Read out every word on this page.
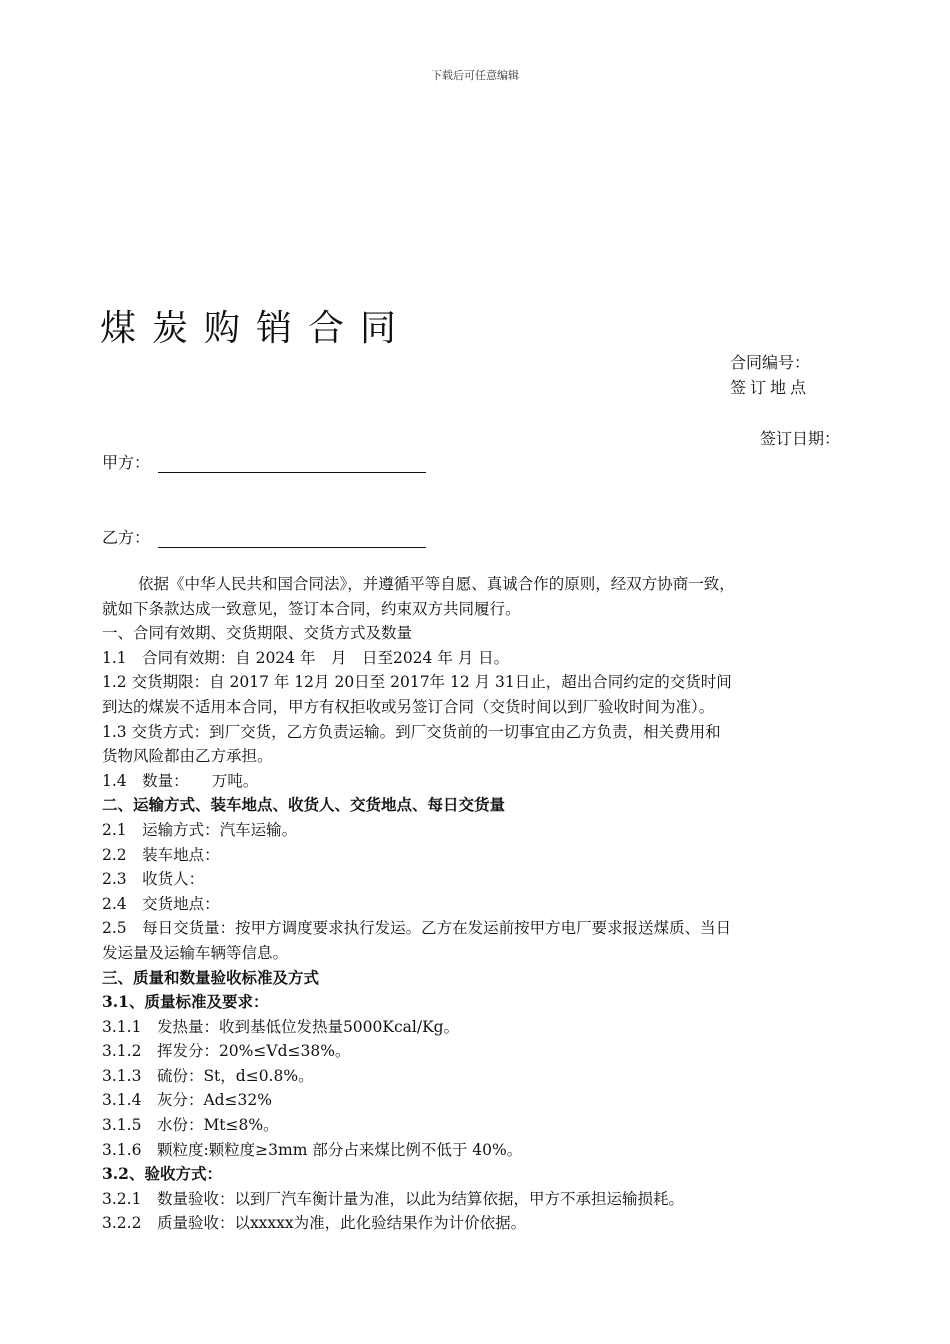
下载后可任意编辑
煤炭购销合同
合同编号：
签订地点
签订日期：
甲方：
乙方：

依据《中华人民共和国合同法》，并遵循平等自愿、真诚合作的原则，经双方协商一致，

就如下条款达成一致意见，签订本合同，约束双方共同履行。

一、合同有效期、交货期限、交货方式及数量

1.1　合同有效期：自 2024 年　月　日至2024 年 月 日。

1.2 交货期限：自 2017 年 12月 20日至 2017年 12 月 31日止，超出合同约定的交货时间

到达的煤炭不适用本合同，甲方有权拒收或另签订合同（交货时间以到厂验收时间为准）。

1.3 交货方式：到厂交货，乙方负责运输。到厂交货前的一切事宜由乙方负责，相关费用和

货物风险都由乙方承担。

1.4　数量：　　万吨。

二、运输方式、装车地点、收货人、交货地点、每日交货量

2.1　运输方式：汽车运输。

2.2　装车地点：

2.3　收货人：

2.4　交货地点：

2.5　每日交货量：按甲方调度要求执行发运。乙方在发运前按甲方电厂要求报送煤质、当日

发运量及运输车辆等信息。

三、质量和数量验收标准及方式

3.1、质量标准及要求：

3.1.1　发热量：收到基低位发热量5000Kcal/Kg。

3.1.2　挥发分：20%≤Vd≤38%。

3.1.3　硫份：St，d≤0.8%。

3.1.4　灰分：Ad≤32%

3.1.5　水份：Mt≤8%。

3.1.6　颗粒度:颗粒度≥3mm 部分占来煤比例不低于 40%。

3.2、验收方式：

3.2.1　数量验收：以到厂汽车衡计量为准，以此为结算依据，甲方不承担运输损耗。

3.2.2　质量验收：以xxxxx为准，此化验结果作为计价依据。
